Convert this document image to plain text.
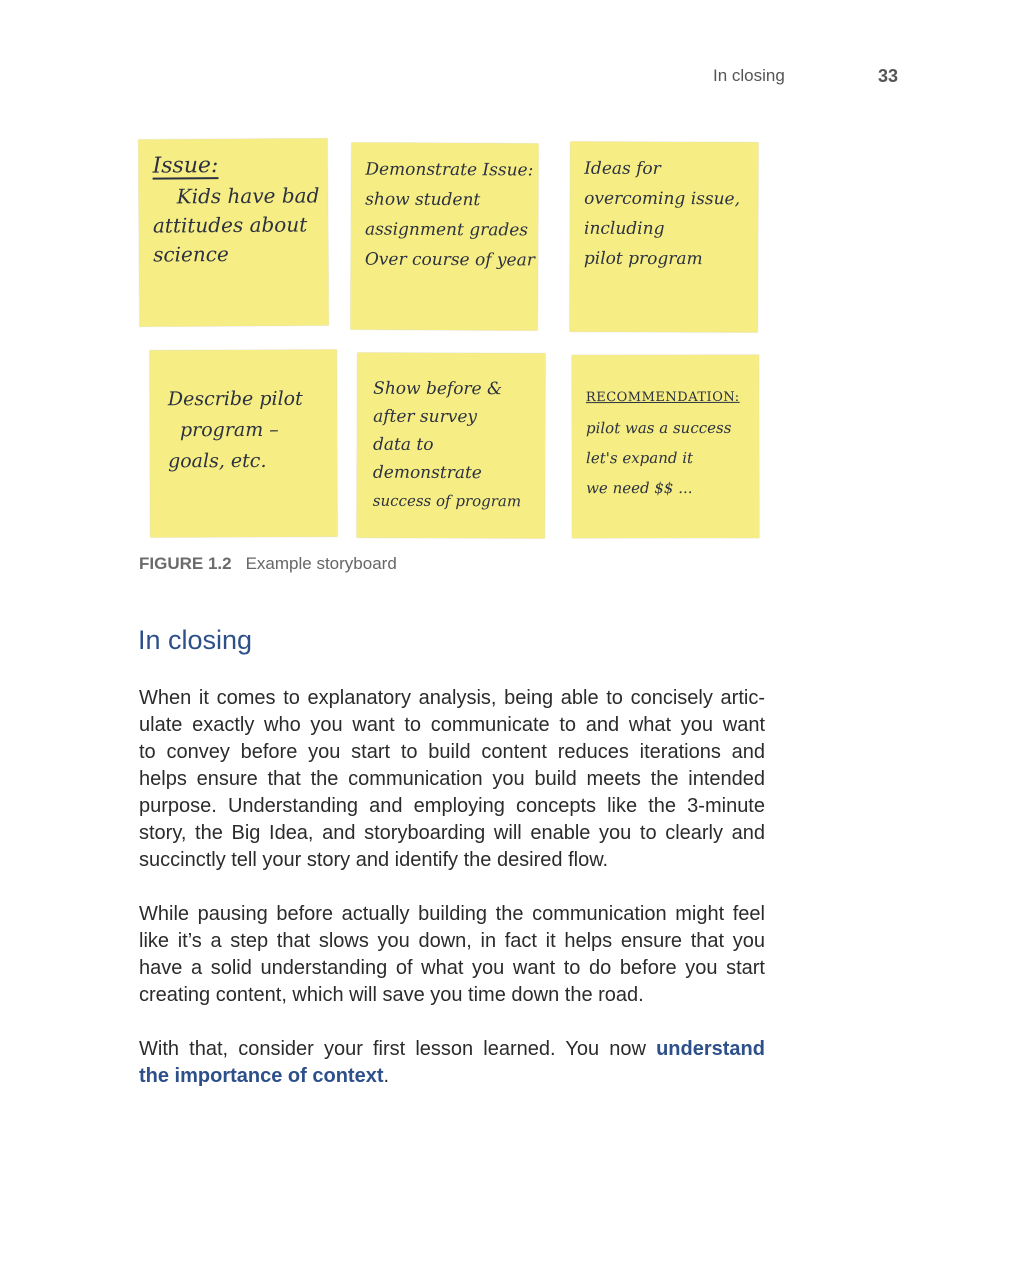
In closing	33
Issue:
Kids have bad
attitudes about
science
Demonstrate Issue:
show student
assignment grades
Over course of year
Ideas for
overcoming issue,
including
pilot program
Describe pilot
program –
goals, etc.
Show before &
after survey
data to
demonstrate
success of program
RECOMMENDATION:
pilot was a success
let's expand it
we need $$ ...
FIGURE 1.2 Example storyboard
In closing

When it comes to explanatory analysis, being able to concisely artic-
ulate exactly who you want to communicate to and what you want
to convey before you start to build content reduces iterations and
helps ensure that the communication you build meets the intended
purpose. Understanding and employing concepts like the 3-minute
story, the Big Idea, and storyboarding will enable you to clearly and
succinctly tell your story and identify the desired flow.

While pausing before actually building the communication might feel
like it’s a step that slows you down, in fact it helps ensure that you
have a solid understanding of what you want to do before you start
creating content, which will save you time down the road.

With that, consider your first lesson learned. You now understand
the importance of context.
